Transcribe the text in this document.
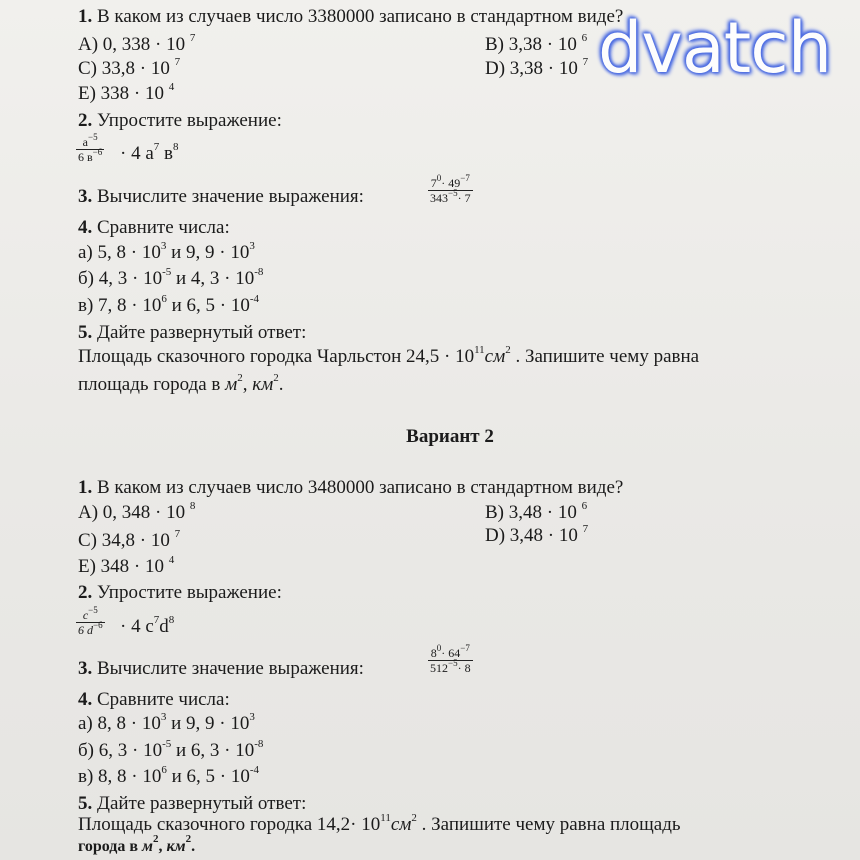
1. В каком из случаев число 3380000 записано в стандартном виде?
A) 0, 338 · 10 $^7$	B) 3,38 · 10 $^6$
C) 33,8 · 10 $^7$	D) 3,38 · 10 $^7$
E) 338 · 10 $^4$
2. Упростите выражение:
$a^{-5}$
6 $в^{-6} \cdot 4$ $a^7$ $в^8$
3. Вычислите значение выражения:	$\frac{7^0\cdot 49^{-7}}{343^{-5}\cdot 7}$
4. Сравните числа:
а) 5, $8 \cdot 10^3$ и 9, $9 \cdot 10^3$
б) 4, $3 \cdot 10^{-5}$ и 4, $3 \cdot 10^{-8}$
в) 7, $8 \cdot 10^6$ и 6, $5 \cdot 10^{-4}$
5. Дайте развернутый ответ:
Площадь сказочного городка Чарльстон $24,5 \cdot 10^{11}см^2$ . Запишите чему равна
площадь города в $м^2$, $км^2$.
Вариант 2
1. В каком из случаев число 3480000 записано в стандартном виде?
A) 0, 348 · 10 $^8$	B) 3,48 · 10 $^6$
C) 34,8 · 10 $^7$	D) 3,48 · 10 $^7$
E) 348 · 10 $^4$
2. Упростите выражение:
$\frac{c^{-5}}{6 d^{-6}} \cdot 4$ $c^7d^8$
3. Вычислите значение выражения:	$\frac{8^0\cdot 64^{-7}}{512^{-5}\cdot 8}$
4. Сравните числа:
а) 8, $8 \cdot 10^3$ и 9, $9 \cdot 10^3$
б) 6, $3 \cdot 10^{-5}$ и 6, $3 \cdot 10^{-8}$
в) 8, $8 \cdot 10^6$ и 6, $5 \cdot 10^{-4}$
5. Дайте развернутый ответ:
Площадь сказочного городка $14,2\cdot 10^{11}см^2$ . Запишите чему равна площадь
города в $м^2$, $км^2$.
dvatch
